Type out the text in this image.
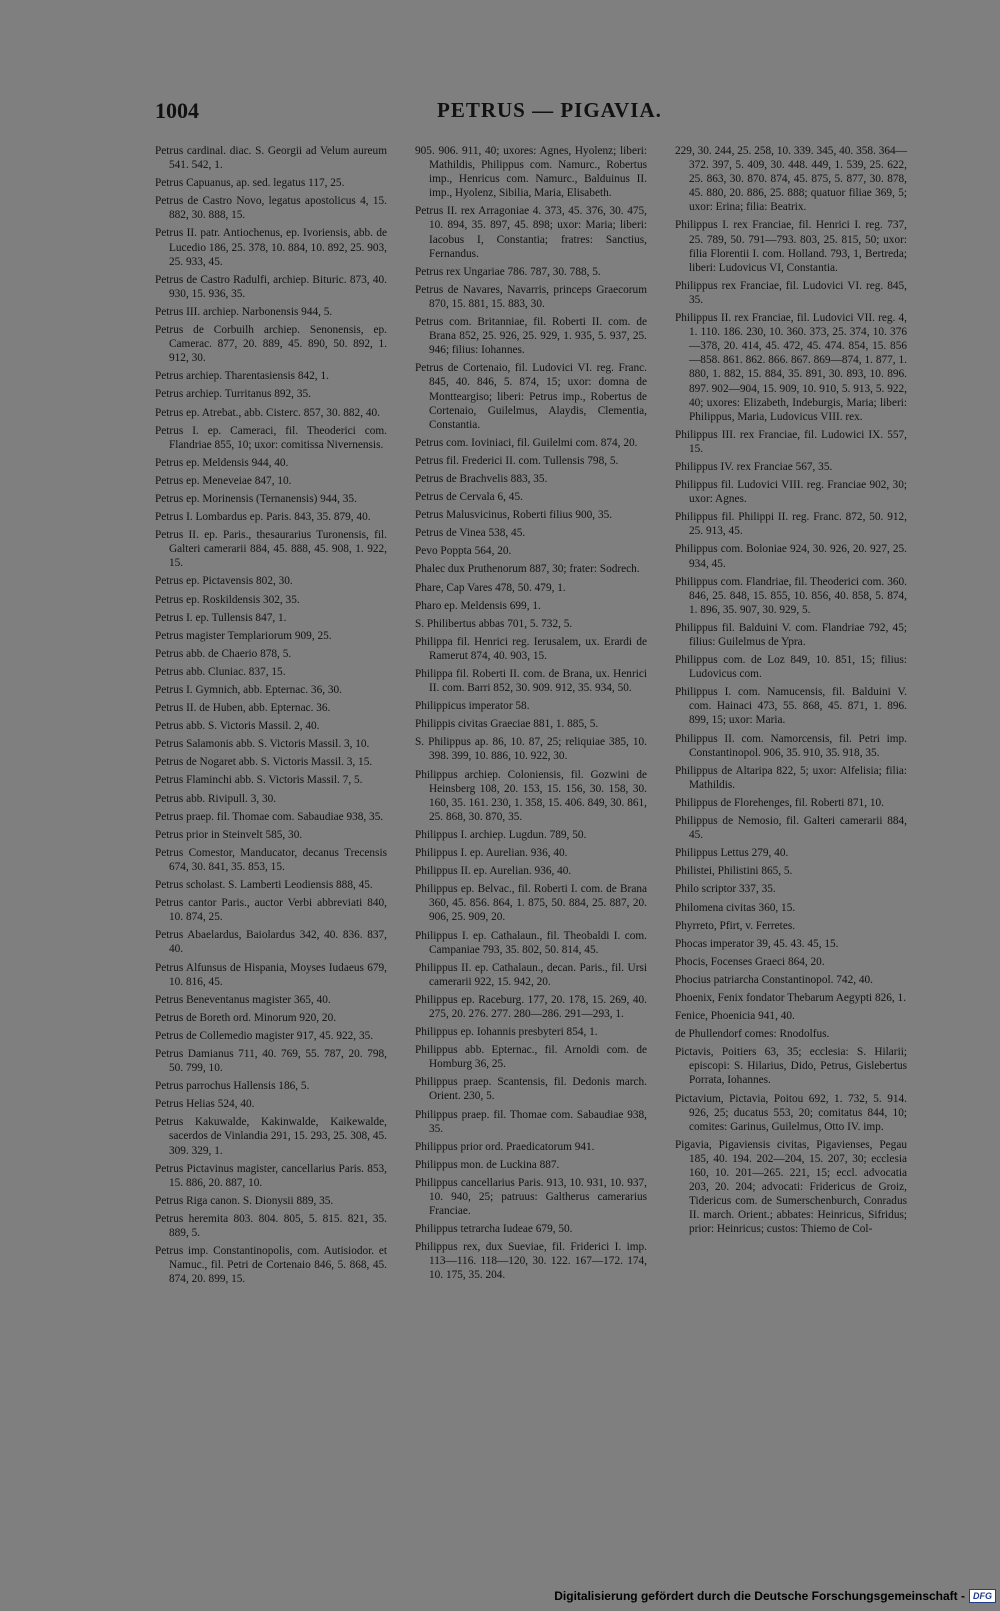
1004	PETRUS — PIGAVIA.
Petrus cardinal. diac. S. Georgii ad Velum aureum 541. 542, 1.
Petrus Capuanus, ap. sed. legatus 117, 25.
Petrus de Castro Novo, legatus apostolicus 4, 15. 882, 30. 888, 15.
Petrus II. patr. Antiochenus, ep. Ivoriensis, abb. de Lucedio 186, 25. 378, 10. 884, 10. 892, 25. 903, 25. 933, 45.
Petrus de Castro Radulfi, archiep. Bituric. 873, 40. 930, 15. 936, 35.
Petrus III. archiep. Narbonensis 944, 5.
Petrus de Corbuilh archiep. Senonensis, ep. Camerac. 877, 20. 889, 45. 890, 50. 892, 1. 912, 30.
Petrus archiep. Tharentasiensis 842, 1.
Petrus archiep. Turritanus 892, 35.
Petrus ep. Atrebat., abb. Cisterc. 857, 30. 882, 40.
Petrus I. ep. Cameraci, fil. Theoderici com. Flandriae 855, 10; uxor: comitissa Nivernensis.
Petrus ep. Meldensis 944, 40.
Petrus ep. Meneveiae 847, 10.
Petrus ep. Morinensis (Ternanensis) 944, 35.
Petrus I. Lombardus ep. Paris. 843, 35. 879, 40.
Petrus II. ep. Paris., thesaurarius Turonensis, fil. Galteri camerarii 884, 45. 888, 45. 908, 1. 922, 15.
Petrus ep. Pictavensis 802, 30.
Petrus ep. Roskildensis 302, 35.
Petrus I. ep. Tullensis 847, 1.
Petrus magister Templariorum 909, 25.
Petrus abb. de Chaerio 878, 5.
Petrus abb. Cluniac. 837, 15.
Petrus I. Gymnich, abb. Epternac. 36, 30.
Petrus II. de Huben, abb. Epternac. 36.
Petrus abb. S. Victoris Massil. 2, 40.
Petrus Salamonis abb. S. Victoris Massil. 3, 10.
Petrus de Nogaret abb. S. Victoris Massil. 3, 15.
Petrus Flaminchi abb. S. Victoris Massil. 7, 5.
Petrus abb. Rivipull. 3, 30.
Petrus praep. fil. Thomae com. Sabaudiae 938, 35.
Petrus prior in Steinvelt 585, 30.
Petrus Comestor, Manducator, decanus Trecensis 674, 30. 841, 35. 853, 15.
Petrus scholast. S. Lamberti Leodiensis 888, 45.
Petrus cantor Paris., auctor Verbi abbreviati 840, 10. 874, 25.
Petrus Abaelardus, Baiolardus 342, 40. 836. 837, 40.
Petrus Alfunsus de Hispania, Moyses Iudaeus 679, 10. 816, 45.
Petrus Beneventanus magister 365, 40.
Petrus de Boreth ord. Minorum 920, 20.
Petrus de Collemedio magister 917, 45. 922, 35.
Petrus Damianus 711, 40. 769, 55. 787, 20. 798, 50. 799, 10.
Petrus parrochus Hallensis 186, 5.
Petrus Helias 524, 40.
Petrus Kakuwalde, Kakinwalde, Kaikewalde, sacerdos de Vinlandia 291, 15. 293, 25. 308, 45. 309. 329, 1.
Petrus Pictavinus magister, cancellarius Paris. 853, 15. 886, 20. 887, 10.
Petrus Riga canon. S. Dionysii 889, 35.
Petrus heremita 803. 804. 805, 5. 815. 821, 35. 889, 5.
Petrus imp. Constantinopolis, com. Autisiodor. et Namuc., fil. Petri de Cortenaio 846, 5. 868, 45. 874, 20. 899, 15.
905. 906. 911, 40; uxores: Agnes, Hyolenz; liberi: Mathildis, Philippus com. Namurc., Robertus imp., Henricus com. Namurc., Balduinus II. imp., Hyolenz, Sibilia, Maria, Elisabeth.
Petrus II. rex Arragoniae 4. 373, 45. 376, 30. 475, 10. 894, 35. 897, 45. 898; uxor: Maria; liberi: Iacobus I, Constantia; fratres: Sanctius, Fernandus.
Petrus rex Ungariae 786. 787, 30. 788, 5.
Petrus de Navares, Navarris, princeps Graecorum 870, 15. 881, 15. 883, 30.
Petrus com. Britanniae, fil. Roberti II. com. de Brana 852, 25. 926, 25. 929, 1. 935, 5. 937, 25. 946; filius: Iohannes.
Petrus de Cortenaio, fil. Ludovici VI. reg. Franc. 845, 40. 846, 5. 874, 15; uxor: domna de Montteargiso; liberi: Petrus imp., Robertus de Cortenaio, Guilelmus, Alaydis, Clementia, Constantia.
Petrus com. Ioviniaci, fil. Guilelmi com. 874, 20.
Petrus fil. Frederici II. com. Tullensis 798, 5.
Petrus de Brachvelis 883, 35.
Petrus de Cervala 6, 45.
Petrus Malusvicinus, Roberti filius 900, 35.
Petrus de Vinea 538, 45.
Pevo Poppta 564, 20.
Phalec dux Pruthenorum 887, 30; frater: Sodrech.
Phare, Cap Vares 478, 50. 479, 1.
Pharo ep. Meldensis 699, 1.
S. Philibertus abbas 701, 5. 732, 5.
Philippa fil. Henrici reg. Ierusalem, ux. Erardi de Ramerut 874, 40. 903, 15.
Philippa fil. Roberti II. com. de Brana, ux. Henrici II. com. Barri 852, 30. 909. 912, 35. 934, 50.
Philippicus imperator 58.
Philippis civitas Graeciae 881, 1. 885, 5.
S. Philippus ap. 86, 10. 87, 25; reliquiae 385, 10. 398. 399, 10. 886, 10. 922, 30.
Philippus archiep. Coloniensis, fil. Gozwini de Heinsberg 108, 20. 153, 15. 156, 30. 158, 30. 160, 35. 161. 230, 1. 358, 15. 406. 849, 30. 861, 25. 868, 30. 870, 35.
Philippus I. archiep. Lugdun. 789, 50.
Philippus I. ep. Aurelian. 936, 40.
Philippus II. ep. Aurelian. 936, 40.
Philippus ep. Belvac., fil. Roberti I. com. de Brana 360, 45. 856. 864, 1. 875, 50. 884, 25. 887, 20. 906, 25. 909, 20.
Philippus I. ep. Cathalaun., fil. Theobaldi I. com. Campaniae 793, 35. 802, 50. 814, 45.
Philippus II. ep. Cathalaun., decan. Paris., fil. Ursi camerarii 922, 15. 942, 20.
Philippus ep. Raceburg. 177, 20. 178, 15. 269, 40. 275, 20. 276. 277. 280—286. 291—293, 1.
Philippus ep. Iohannis presbyteri 854, 1.
Philippus abb. Epternac., fil. Arnoldi com. de Homburg 36, 25.
Philippus praep. Scantensis, fil. Dedonis march. Orient. 230, 5.
Philippus praep. fil. Thomae com. Sabaudiae 938, 35.
Philippus prior ord. Praedicatorum 941.
Philippus mon. de Luckina 887.
Philippus cancellarius Paris. 913, 10. 931, 10. 937, 10. 940, 25; patruus: Galtherus camerarius Franciae.
Philippus tetrarcha Iudeae 679, 50.
Philippus rex, dux Sueviae, fil. Friderici I. imp. 113—116. 118—120, 30. 122. 167—172. 174, 10. 175, 35. 204.
229, 30. 244, 25. 258, 10. 339. 345, 40. 358. 364—372. 397, 5. 409, 30. 448. 449, 1. 539, 25. 622, 25. 863, 30. 870. 874, 45. 875, 5. 877, 30. 878, 45. 880, 20. 886, 25. 888; quatuor filiae 369, 5; uxor: Erina; filia: Beatrix.
Philippus I. rex Franciae, fil. Henrici I. reg. 737, 25. 789, 50. 791—793. 803, 25. 815, 50; uxor: filia Florentii I. com. Holland. 793, 1, Bertreda; liberi: Ludovicus VI, Constantia.
Philippus rex Franciae, fil. Ludovici VI. reg. 845, 35.
Philippus II. rex Franciae, fil. Ludovici VII. reg. 4, 1. 110. 186. 230, 10. 360. 373, 25. 374, 10. 376—378, 20. 414, 45. 472, 45. 474. 854, 15. 856—858. 861. 862. 866. 867. 869—874, 1. 877, 1. 880, 1. 882, 15. 884, 35. 891, 30. 893, 10. 896. 897. 902—904, 15. 909, 10. 910, 5. 913, 5. 922, 40; uxores: Elizabeth, Indeburgis, Maria; liberi: Philippus, Maria, Ludovicus VIII. rex.
Philippus III. rex Franciae, fil. Ludowici IX. 557, 15.
Philippus IV. rex Franciae 567, 35.
Philippus fil. Ludovici VIII. reg. Franciae 902, 30; uxor: Agnes.
Philippus fil. Philippi II. reg. Franc. 872, 50. 912, 25. 913, 45.
Philippus com. Boloniae 924, 30. 926, 20. 927, 25. 934, 45.
Philippus com. Flandriae, fil. Theoderici com. 360. 846, 25. 848, 15. 855, 10. 856, 40. 858, 5. 874, 1. 896, 35. 907, 30. 929, 5.
Philippus fil. Balduini V. com. Flandriae 792, 45; filius: Guilelmus de Ypra.
Philippus com. de Loz 849, 10. 851, 15; filius: Ludovicus com.
Philippus I. com. Namucensis, fil. Balduini V. com. Hainaci 473, 55. 868, 45. 871, 1. 896. 899, 15; uxor: Maria.
Philippus II. com. Namorcensis, fil. Petri imp. Constantinopol. 906, 35. 910, 35. 918, 35.
Philippus de Altaripa 822, 5; uxor: Alfelisia; filia: Mathildis.
Philippus de Florehenges, fil. Roberti 871, 10.
Philippus de Nemosio, fil. Galteri camerarii 884, 45.
Philippus Lettus 279, 40.
Philistei, Philistini 865, 5.
Philo scriptor 337, 35.
Philomena civitas 360, 15.
Phyrreto, Pfirt, v. Ferretes.
Phocas imperator 39, 45. 43. 45, 15.
Phocis, Focenses Graeci 864, 20.
Phocius patriarcha Constantinopol. 742, 40.
Phoenix, Fenix fondator Thebarum Aegypti 826, 1.
Fenice, Phoenicia 941, 40.
de Phullendorf comes: Rnodolfus.
Pictavis, Poitiers 63, 35; ecclesia: S. Hilarii; episcopi: S. Hilarius, Dido, Petrus, Gislebertus Porrata, Iohannes.
Pictavium, Pictavia, Poitou 692, 1. 732, 5. 914. 926, 25; ducatus 553, 20; comitatus 844, 10; comites: Garinus, Guilelmus, Otto IV. imp.
Pigavia, Pigaviensis civitas, Pigavienses, Pegau 185, 40. 194. 202—204, 15. 207, 30; ecclesia 160, 10. 201—265. 221, 15; eccl. advocatia 203, 20. 204; advocati: Fridericus de Groiz, Tidericus com. de Sumerschenburch, Conradus II. march. Orient.; abbates: Heinricus, Sifridus; prior: Heinricus; custos: Thiemo de Col-
Digitalisierung gefördert durch die Deutsche Forschungsgemeinschaft - DFG
